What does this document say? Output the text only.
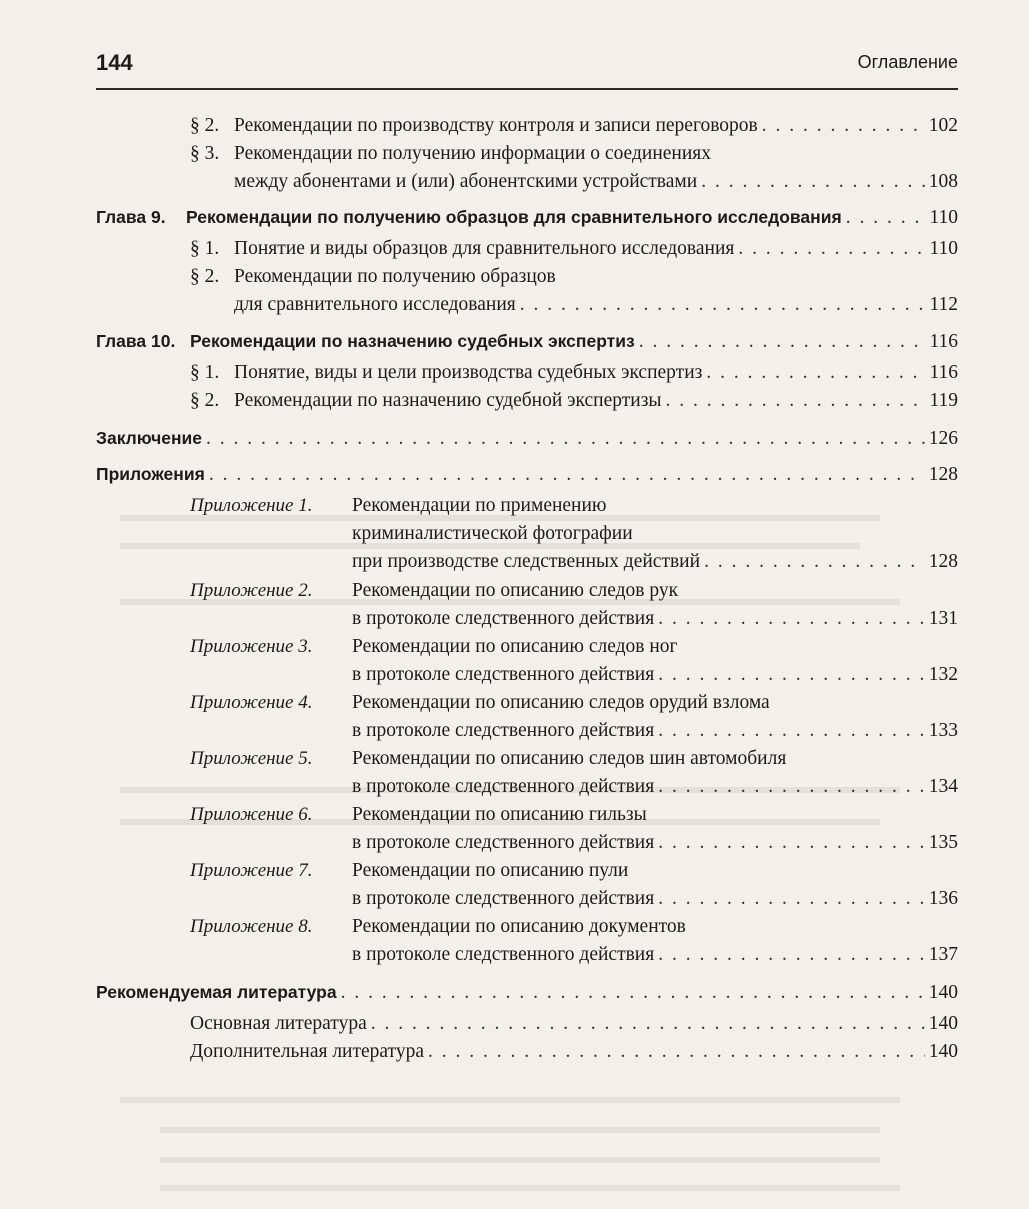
144	Оглавление
§ 2. Рекомендации по производству контроля и записи переговоров . . .	102
§ 3. Рекомендации по получению информации о соединениях
между абонентами и (или) абонентскими устройствами . . .	108
Глава 9.	Рекомендации по получению образцов для сравнительного исследования . . .	110
§ 1. Понятие и виды образцов для сравнительного исследования . . .	110
§ 2. Рекомендации по получению образцов
для сравнительного исследования . . .	112
Глава 10. Рекомендации по назначению судебных экспертиз . . .	116
§ 1. Понятие, виды и цели производства судебных экспертиз . . .	116
§ 2. Рекомендации по назначению судебной экспертизы . . .	119
Заключение . . .	126
Приложения . . .	128
Приложение 1. Рекомендации по применению
криминалистической фотографии
при производстве следственных действий . . .	128
Приложение 2. Рекомендации по описанию следов рук
в протоколе следственного действия . . .	131
Приложение 3. Рекомендации по описанию следов ног
в протоколе следственного действия . . .	132
Приложение 4. Рекомендации по описанию следов орудий взлома
в протоколе следственного действия . . .	133
Приложение 5. Рекомендации по описанию следов шин автомобиля
в протоколе следственного действия . . .	134
Приложение 6. Рекомендации по описанию гильзы
в протоколе следственного действия . . .	135
Приложение 7. Рекомендации по описанию пули
в протоколе следственного действия . . .	136
Приложение 8. Рекомендации по описанию документов
в протоколе следственного действия . . .	137
Рекомендуемая литература . . .	140
Основная литература . . .	140
Дополнительная литература . . .	140
